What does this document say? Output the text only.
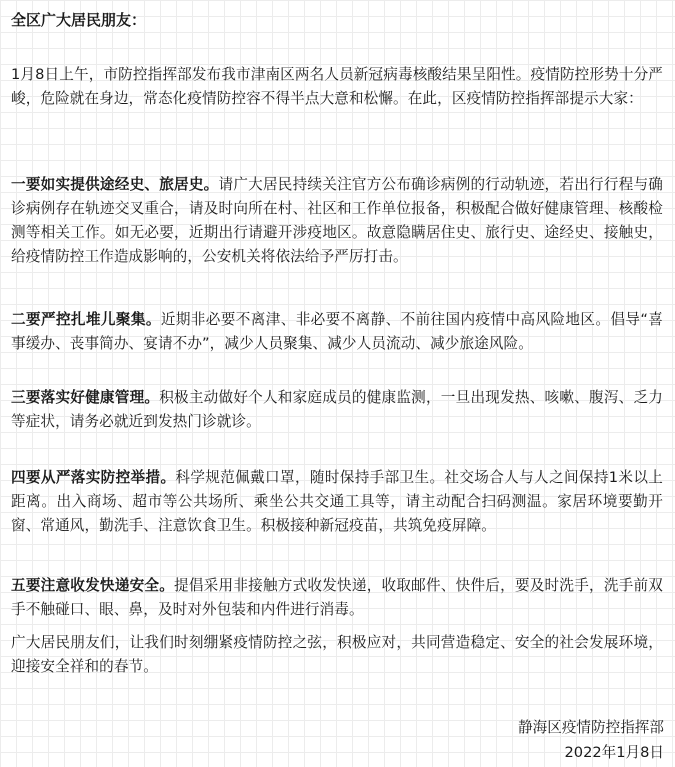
全区广大居民朋友：
1月8日上午，市防控指挥部发布我市津南区两名人员新冠病毒核酸结果呈阳性。疫情防控形势十分严峻，危险就在身边，常态化疫情防控容不得半点大意和松懈。在此，区疫情防控指挥部提示大家：
一要如实提供途经史、旅居史。请广大居民持续关注官方公布确诊病例的行动轨迹，若出行行程与确诊病例存在轨迹交叉重合，请及时向所在村、社区和工作单位报备，积极配合做好健康管理、核酸检测等相关工作。如无必要，近期出行请避开涉疫地区。故意隐瞒居住史、旅行史、途经史、接触史，给疫情防控工作造成影响的，公安机关将依法给予严厉打击。
二要严控扎堆儿聚集。近期非必要不离津、非必要不离静、不前往国内疫情中高风险地区。倡导“喜事缓办、丧事简办、宴请不办”，减少人员聚集、减少人员流动、减少旅途风险。
三要落实好健康管理。积极主动做好个人和家庭成员的健康监测，一旦出现发热、咳嗽、腹泻、乏力等症状，请务必就近到发热门诊就诊。
四要从严落实防控举措。科学规范佩戴口罩，随时保持手部卫生。社交场合人与人之间保持1米以上距离。出入商场、超市等公共场所、乘坐公共交通工具等，请主动配合扫码测温。家居环境要勤开窗、常通风，勤洗手、注意饮食卫生。积极接种新冠疫苗，共筑免疫屏障。
五要注意收发快递安全。提倡采用非接触方式收发快递，收取邮件、快件后，要及时洗手，洗手前双手不触碰口、眼、鼻，及时对外包装和内件进行消毒。
广大居民朋友们，让我们时刻绷紧疫情防控之弦，积极应对，共同营造稳定、安全的社会发展环境，迎接安全祥和的春节。
静海区疫情防控指挥部
2022年1月8日
